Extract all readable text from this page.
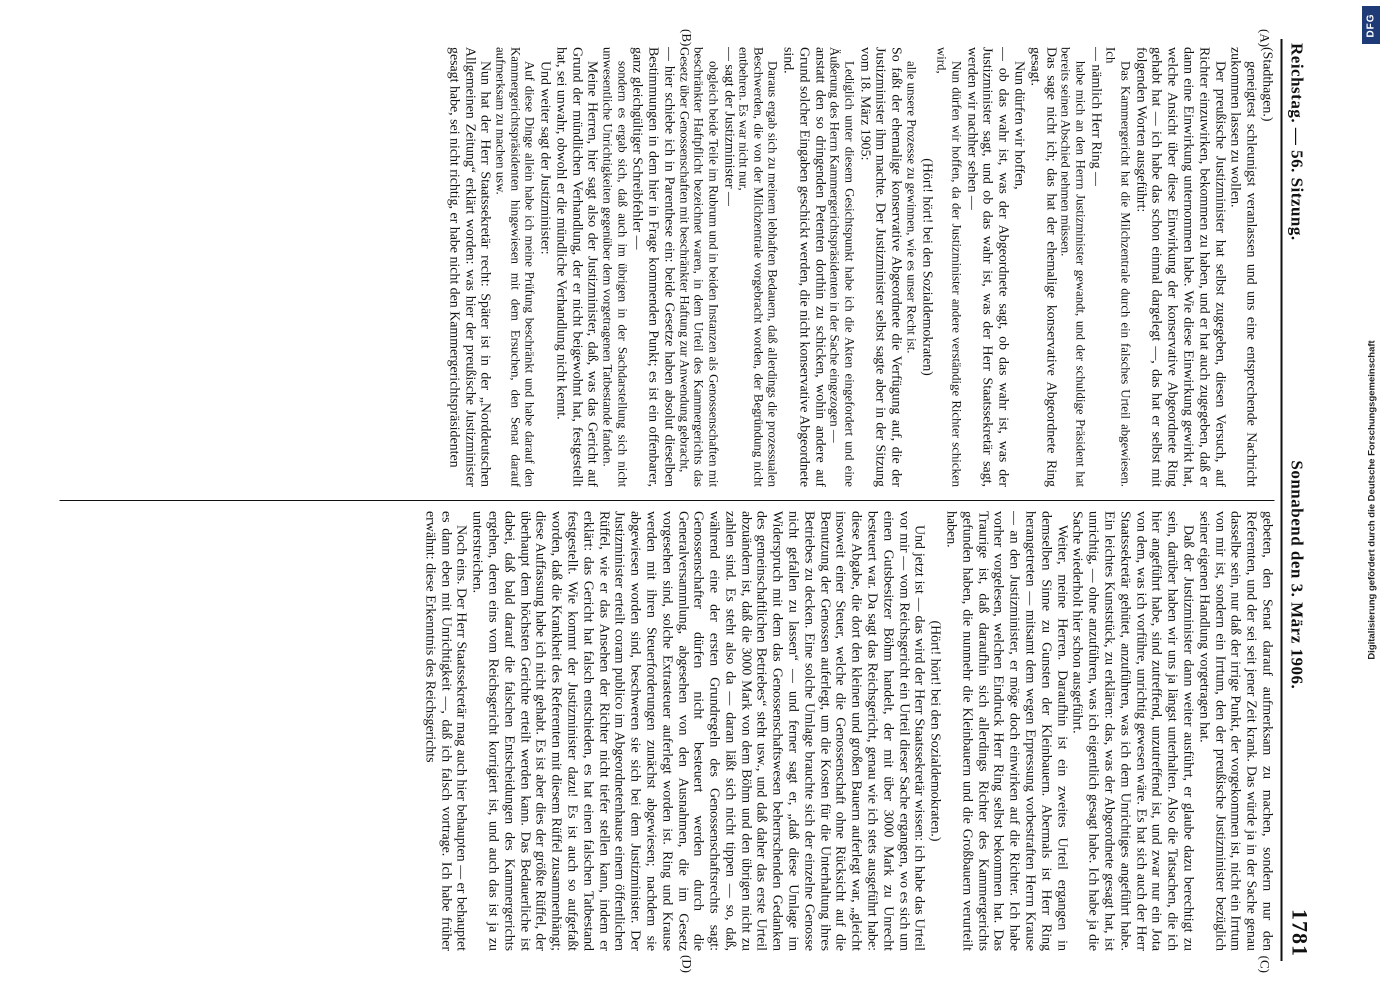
Reichstag. — 56. Sitzung.
Sonnabend den 3. März 1906.
1781
(A)
(B)
(C)
(D)

(Stadthagen.)

geneigtest schleunigst veranlassen und uns eine entsprechende Nachricht zukommen lassen zu wollen.

Der preußische Justizminister hat selbst zugegeben, diesen Versuch, auf Richter einzuwirken, bekommen zu haben, und er hat auch zugegeben, daß er dann eine Einwirkung unternommen habe. Wie diese Einwirkung gewirkt hat, welche Ansicht über diese Einwirkung der konservative Abgeordnete Ring gehabt hat — ich habe das schon einmal dargelegt —, das hat er selbst mit folgenden Worten ausgeführt:

Das Kammergericht hat die Milchzentrale durch ein falsches Urteil abgewiesen. Ich

— nämlich Herr Ring —

habe mich an den Herrn Justizminister gewandt, und der schuldige Präsident hat bereits seinen Abschied nehmen müssen.

Das sage nicht ich; das hat der ehemalige konservative Abgeordnete Ring gesagt.

Nun dürfen wir hoffen,

— ob das wahr ist, was der Abgeordnete sagt, ob das wahr ist, was der Justizminister sagt, und ob das wahr ist, was der Herr Staatssekretär sagt, werden wir nachher sehen —

Nun dürfen wir hoffen, da der Justizminister andere verständige Richter schicken wird,

(Hört! hört! bei den Sozialdemokraten)

alle unsere Prozesse zu gewinnen, wie es unser Recht ist.

So faßt der ehemalige konservative Abgeordnete die Verfügung auf, die der Justizminister ihm machte. Der Justizminister selbst sagte aber in der Sitzung vom 18. März 1905:

Lediglich unter diesem Gesichtspunkt habe ich die Akten eingefordert und eine Äußerung des Herrn Kammergerichtspräsidenten in der Sache eingezogen —

anstatt den so dringenden Petenten dorthin zu schicken, wohin andere auf Grund solcher Eingaben geschickt werden, die nicht konservative Abgeordnete sind.

Daraus ergab sich zu meinem lebhaften Bedauern, daß allerdings die prozessualen Beschwerden, die von der Milchzentrale vorgebracht worden, der Begründung nicht entbehren. Es war nicht nur,

— sagt der Justizminister —

obgleich beide Teile im Rubrum und in beiden Instanzen als Genossenschaften mit beschränkter Haftpflicht bezeichnet waren, in dem Urteil des Kammergerichts das Gesetz über Genossenschaften mit beschränkter Haftung zur Anwendung gebracht,

— hier schiebe ich in Parenthese ein: beide Gesetze haben absolut dieselben Bestimmungen in dem hier in Frage kommenden Punkt; es ist ein offenbarer, ganz gleichgültiger Schreibfehler —

sondern es ergab sich, daß auch im übrigen in der Sachdarstellung sich nicht unwesentliche Unrichtigkeiten gegenüber dem vorgetragenen Tatbestande fanden.

Meine Herren, hier sagt also der Justizminister, daß, was das Gericht auf Grund der mündlichen Verhandlung, der er nicht beigewohnt hat, festgestellt hat, sei unwahr, obwohl er die mündliche Verhandlung nicht kennt.

Und weiter sagt der Justizminister:

Auf diese Dinge allein habe ich meine Prüfung beschränkt und habe darauf den Kammergerichtspräsidenten hingewiesen mit dem Ersuchen, den Senat darauf aufmerksam zu machen usw.

Nun hat der Herr Staatssekretär recht: Später ist in der „Norddeutschen Allgemeinen Zeitung“ erklärt worden: was hier der preußische Justizminister gesagt habe, sei nicht richtig, er habe nicht den Kammergerichtspräsidenten

gebeten, den Senat darauf aufmerksam zu machen, sondern nur den Referenten, und der sei seit jener Zeit krank. Das würde ja in der Sache genau dasselbe sein, nur daß der irrige Punkt, der vorgekommen ist, nicht ein Irrtum von mir ist, sondern ein Irrtum, den der preußische Justizminister bezüglich seiner eigenen Handlung vorgetragen hat.

Daß der Justizminister dann weiter ausführt, er glaube dazu berechtigt zu sein, darüber haben wir uns ja längst unterhalten. Also die Tatsachen, die ich hier angeführt habe, sind zutreffend, unzutreffend ist, und zwar nur ein Jota von dem, was ich vorführe, unrichtig gewesen wäre. Es hat sich auch der Herr Staatssekretär gehütet, anzuführen, was ich dem Unrichtiges angeführt habe. Ein leichtes Kunststück, zu erklären: das, was der Abgeordnete gesagt hat, ist unrichtig, — ohne anzuführen, was ich eigentlich gesagt habe. Ich habe ja die Sache wiederholt hier schon ausgeführt.

Weiter, meine Herren. Daraufhin ist ein zweites Urteil ergangen in demselben Sinne zu Gunsten der Kleinbauern. Abermals ist Herr Ring herangetreten — mitsamt dem wegen Erpressung vorbestraften Herrn Krause — an den Justizminister, er möge doch einwirken auf die Richter. Ich habe vorher vorgelesen, welchen Eindruck Herr Ring selbst bekommen hat. Das Traurige ist, daß daraufhin sich allerdings Richter des Kammergerichts gefunden haben, die nunmehr die Kleinbauern und die Großbauern verurteilt haben.

(Hört! hört! bei den Sozialdemokraten.)

Und jetzt ist — das wird der Herr Staatssekretär wissen: ich habe das Urteil vor mir — vom Reichsgericht ein Urteil dieser Sache ergangen, wo es sich um einen Gutsbesitzer Böhm handelt, der mit über 3000 Mark zu Unrecht besteuert war. Da sagt das Reichsgericht, genau wie ich stets ausgeführt habe: diese Abgabe, die dort den kleinen und großen Bauern auferlegt war, „gleicht insoweit einer Steuer, welche die Genossenschaft ohne Rücksicht auf die Benutzung der Genossen auferlegt, um die Kosten für die Unterhaltung ihres Betriebes zu decken. Eine solche Umlage brauchte sich der einzelne Genosse nicht gefallen zu lassen“ — und ferner sagt er, „daß diese Umlage im Widerspruch mit dem das Genossenschaftswesen beherrschenden Gedanken des gemeinschaftlichen Betriebes“ steht usw., und daß daher das erste Urteil abzuändern ist, daß die 3000 Mark von dem Böhm und den übrigen nicht zu zahlen sind. Es steht also da — daran läßt sich nicht tippen — so, daß, während eine der ersten Grundregeln des Genossenschaftsrechts sagt: Genossenschafter dürfen nicht besteuert werden durch die Generalversammlung, abgesehen von den Ausnahmen, die im Gesetz vorgesehen sind, solche Extrasteuer auferlegt worden ist. Ring und Krause werden mit ihren Steuerforderungen zunächst abgewiesen; nachdem sie abgewiesen worden sind, beschweren sie sich bei dem Justizminister. Der Justizminister erteilt coram publico im Abgeordnetenhause einem öffentlichen Rüffel, wie er das Ansehen der Richter nicht tiefer stellen kann, indem er erklärt: das Gericht hat falsch entschieden, es hat einen falschen Tatbestand festgestellt. Wie kommt der Justizminister dazu! Es ist auch so aufgefaßt worden, daß die Krankheit des Referenten mit diesem Rüffel zusammenhängt; diese Auffassung habe ich nicht gehabt. Es ist aber dies der größte Rüffel, der überhaupt dem höchsten Gerichte erteilt werden kann. Das Bedauerliche ist dabei, daß bald darauf die falschen Entscheidungen des Kammergerichts ergehen, deren eins vom Reichsgericht korrigiert ist, und auch das ist ja zu unterstreichen.

Noch eins. Der Herr Staatssekretär mag auch hier behaupten — er behauptet es dann eben mit Unrichtigkeit —, daß ich falsch vortrage. Ich habe früher erwähnt: diese Erkenntnis des Reichsgerichts

DFG
Digitalisierung gefördert durch die Deutsche Forschungsgemeinschaft
